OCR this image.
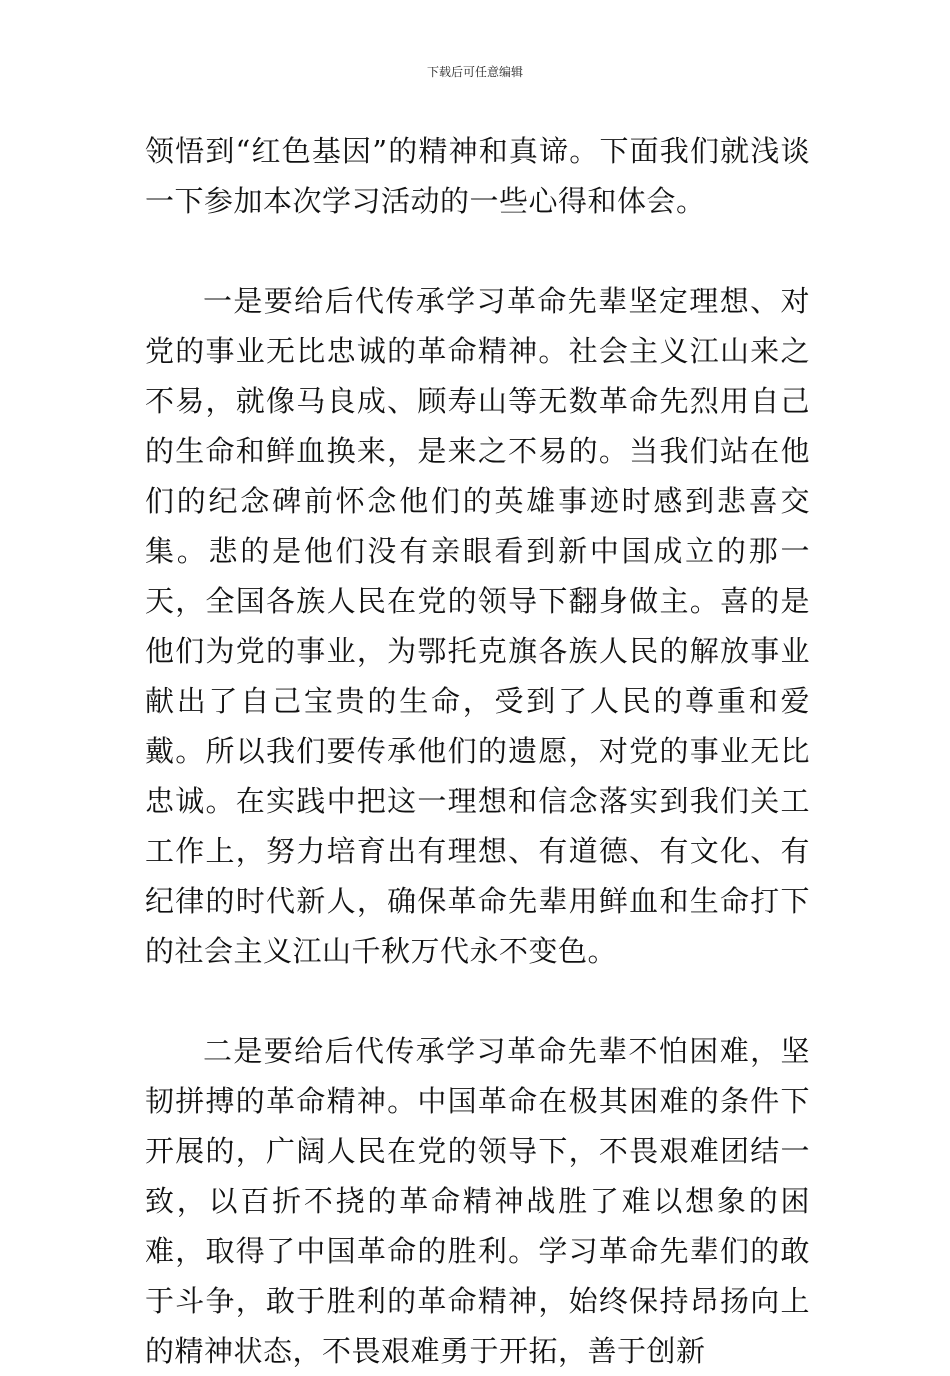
下载后可任意编辑

领悟到“红色基因”的精神和真谛。下面我们就浅谈一下参加本次学习活动的一些心得和体会。

一是要给后代传承学习革命先辈坚定理想、对党的事业无比忠诚的革命精神。社会主义江山来之不易，就像马良成、顾寿山等无数革命先烈用自己的生命和鲜血换来，是来之不易的。当我们站在他们的纪念碑前怀念他们的英雄事迹时感到悲喜交集。悲的是他们没有亲眼看到新中国成立的那一天，全国各族人民在党的领导下翻身做主。喜的是他们为党的事业，为鄂托克旗各族人民的解放事业献出了自己宝贵的生命，受到了人民的尊重和爱戴。所以我们要传承他们的遗愿，对党的事业无比忠诚。在实践中把这一理想和信念落实到我们关工工作上，努力培育出有理想、有道德、有文化、有纪律的时代新人，确保革命先辈用鲜血和生命打下的社会主义江山千秋万代永不变色。

二是要给后代传承学习革命先辈不怕困难，坚韧拼搏的革命精神。中国革命在极其困难的条件下开展的，广阔人民在党的领导下，不畏艰难团结一致，以百折不挠的革命精神战胜了难以想象的困难，取得了中国革命的胜利。学习革命先辈们的敢于斗争，敢于胜利的革命精神，始终保持昂扬向上的精神状态，不畏艰难勇于开拓，善于创新
